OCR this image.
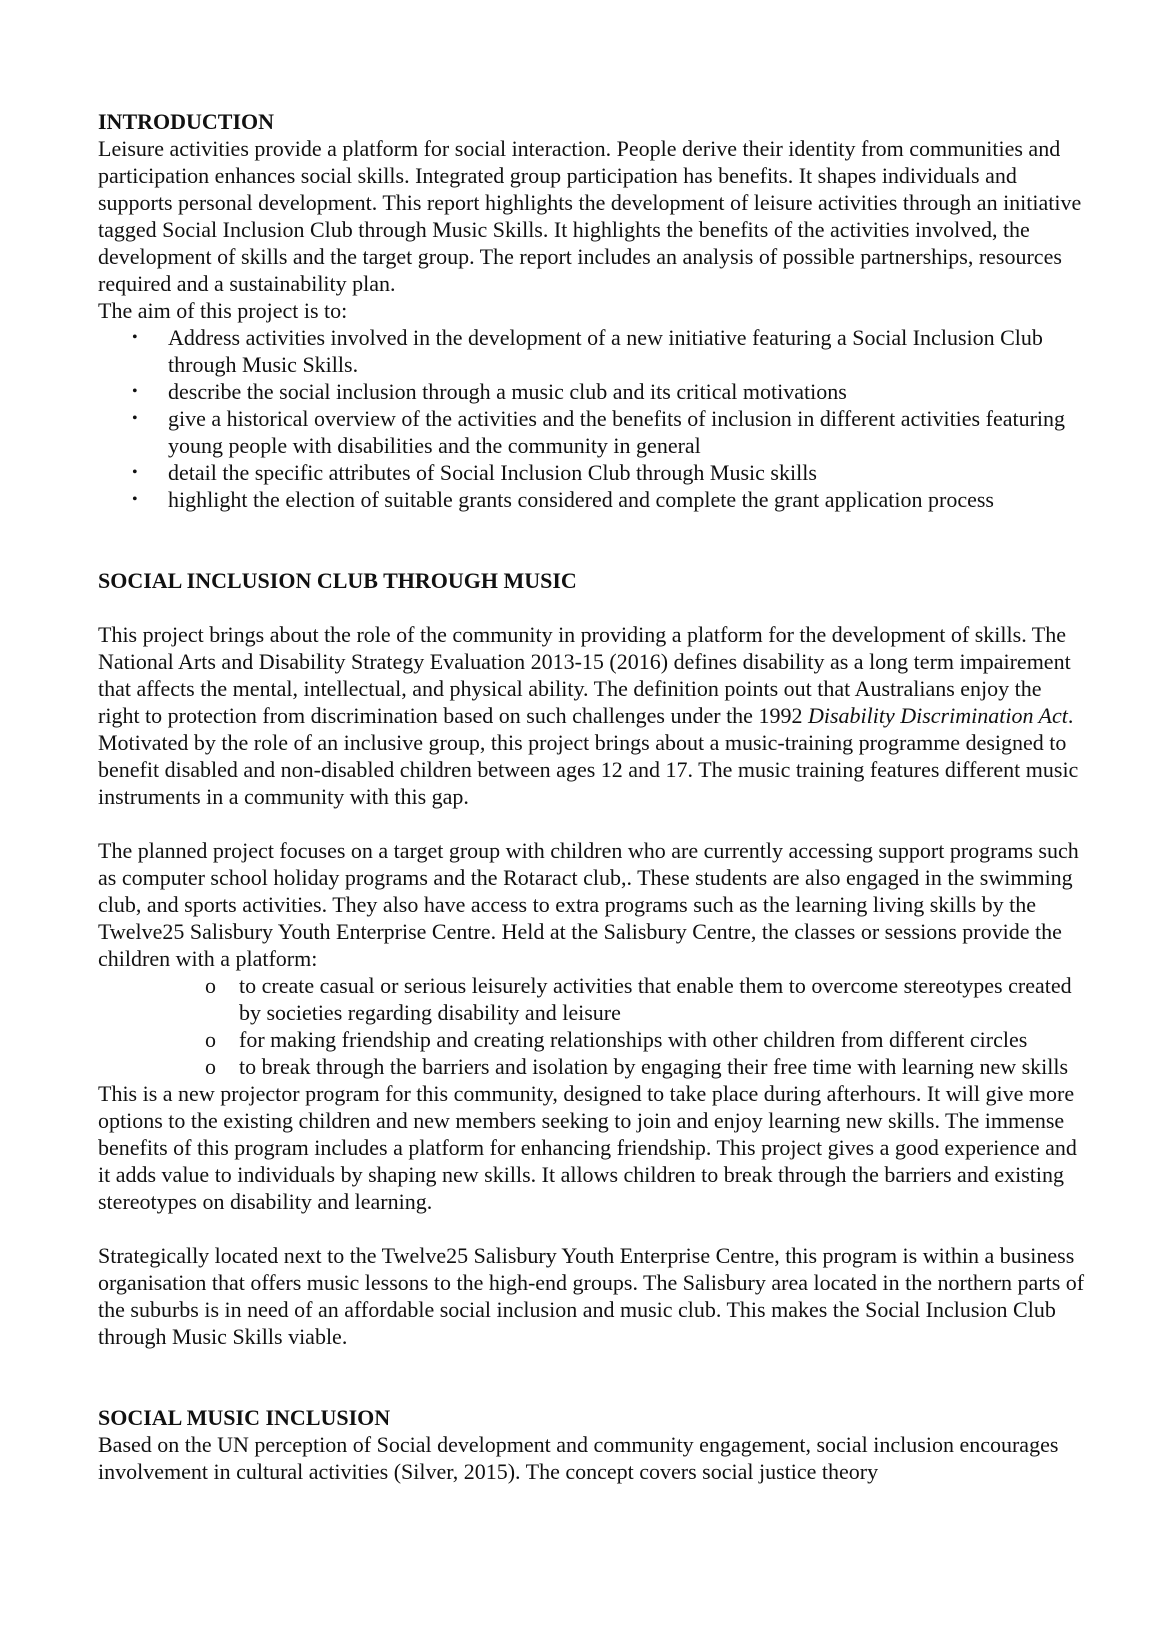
INTRODUCTION

Leisure activities provide a platform for social interaction. People derive their identity from communities and participation enhances social skills. Integrated group participation has benefits. It shapes individuals and supports personal development. This report highlights the development of leisure activities through an initiative tagged Social Inclusion Club through Music Skills. It highlights the benefits of the activities involved, the development of skills and the target group. The report includes an analysis of possible partnerships, resources required and a sustainability plan.

The aim of this project is to:

• Address activities involved in the development of a new initiative featuring a Social Inclusion Club through Music Skills.
• describe the social inclusion through a music club and its critical motivations
• give a historical overview of the activities and the benefits of inclusion in different activities featuring young people with disabilities and the community in general
• detail the specific attributes of Social Inclusion Club through Music skills
• highlight the election of suitable grants considered and complete the grant application process
SOCIAL INCLUSION CLUB THROUGH MUSIC

This project brings about the role of the community in providing a platform for the development of skills. The National Arts and Disability Strategy Evaluation 2013-15 (2016) defines disability as a long term impairement that affects the mental, intellectual, and physical ability. The definition points out that Australians enjoy the right to protection from discrimination based on such challenges under the 1992 Disability Discrimination Act. Motivated by the role of an inclusive group, this project brings about a music-training programme designed to benefit disabled and non-disabled children between ages 12 and 17. The music training features different music instruments in a community with this gap.

The planned project focuses on a target group with children who are currently accessing support programs such as computer school holiday programs and the Rotaract club,. These students are also engaged in the swimming club, and sports activities. They also have access to extra programs such as the learning living skills by the Twelve25 Salisbury Youth Enterprise Centre. Held at the Salisbury Centre, the classes or sessions provide the children with a platform:

o to create casual or serious leisurely activities that enable them to overcome stereotypes created by societies regarding disability and leisure
o for making friendship and creating relationships with other children from different circles
o to break through the barriers and isolation by engaging their free time with learning new skills

This is a new projector program for this community, designed to take place during afterhours. It will give more options to the existing children and new members seeking to join and enjoy learning new skills. The immense benefits of this program includes a platform for enhancing friendship. This project gives a good experience and it adds value to individuals by shaping new skills. It allows children to break through the barriers and existing stereotypes on disability and learning.

Strategically located next to the Twelve25 Salisbury Youth Enterprise Centre, this program is within a business organisation that offers music lessons to the high-end groups. The Salisbury area located in the northern parts of the suburbs is in need of an affordable social inclusion and music club. This makes the Social Inclusion Club through Music Skills viable.

SOCIAL MUSIC INCLUSION

Based on the UN perception of Social development and community engagement, social inclusion encourages involvement in cultural activities (Silver, 2015). The concept covers social justice theory
